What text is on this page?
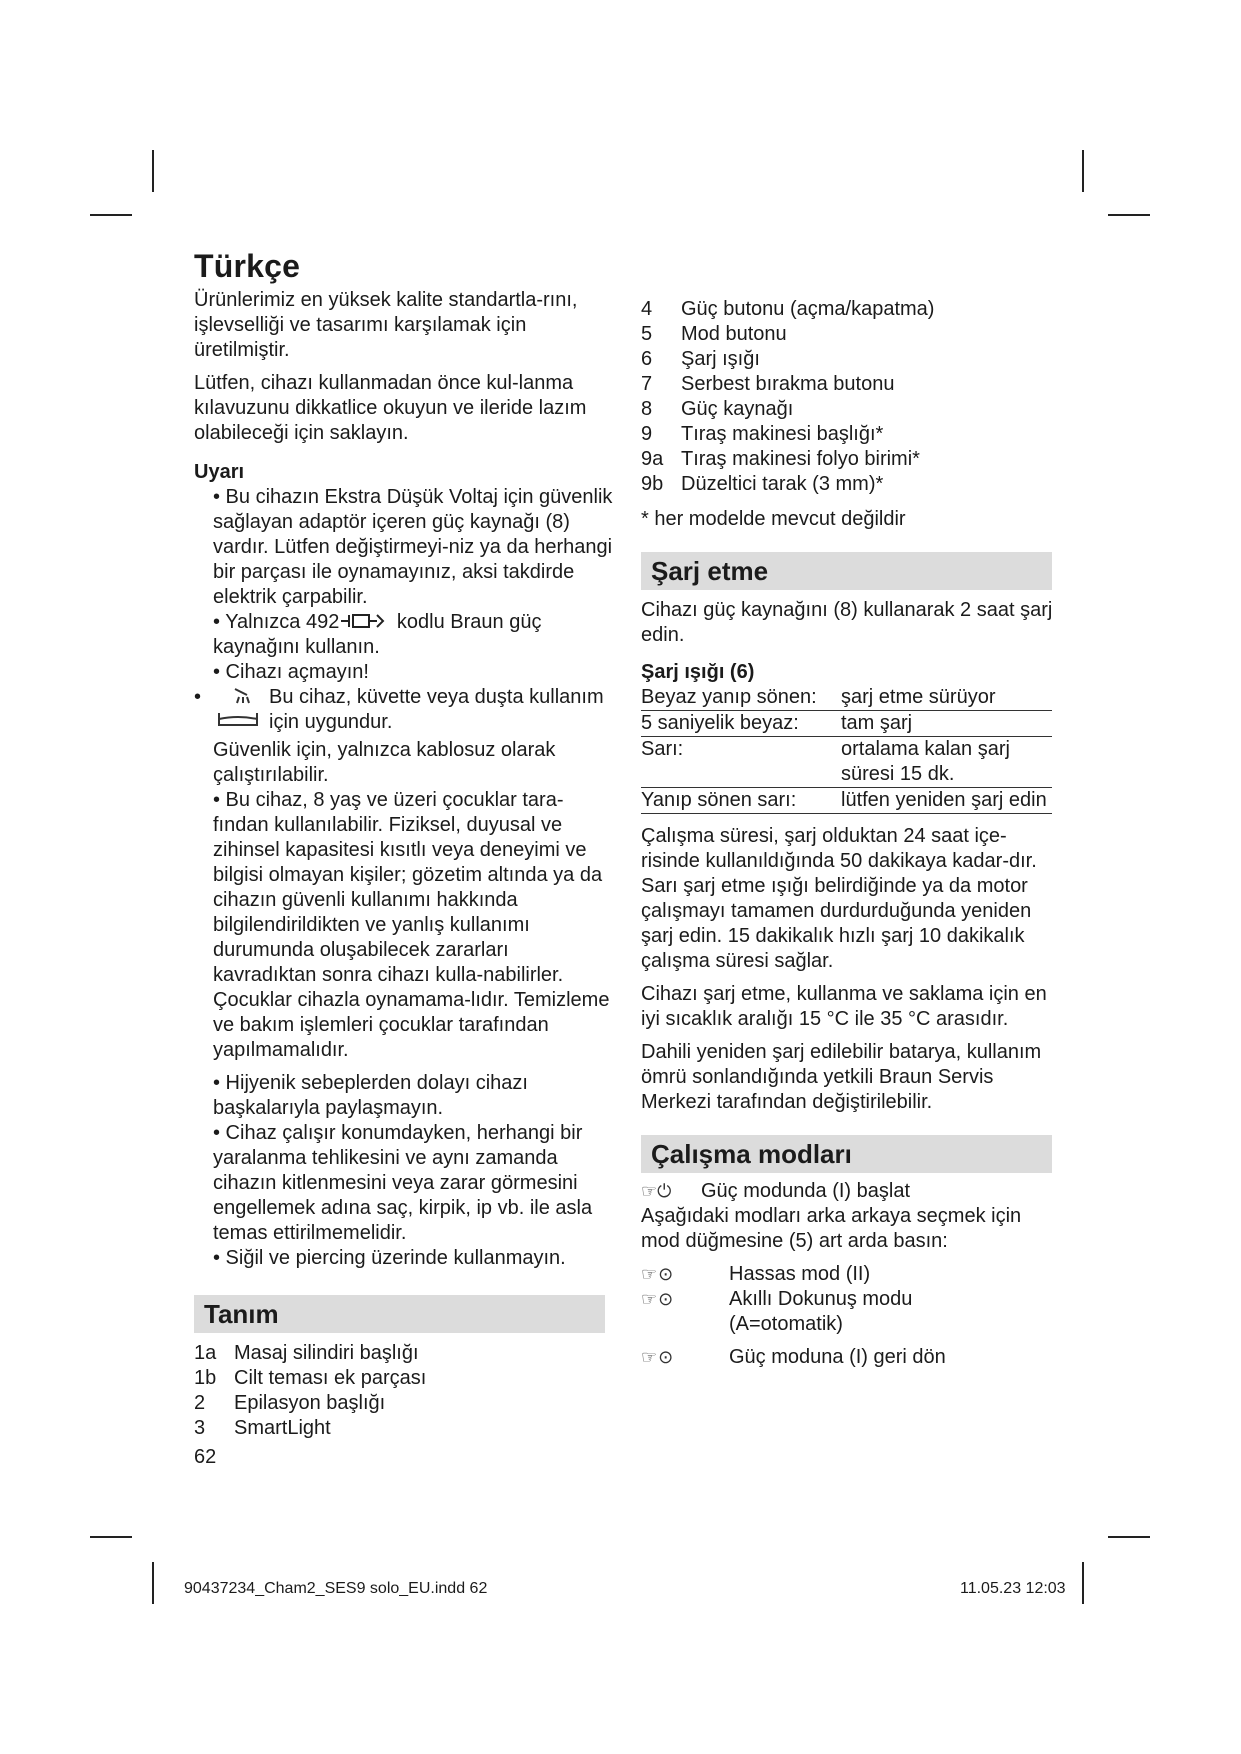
Türkçe

Ürünlerimiz en yüksek kalite standartla-rını, işlevselliği ve tasarımı karşılamak için üretilmiştir.

Lütfen, cihazı kullanmadan önce kul-lanma kılavuzunu dikkatlice okuyun ve ileride lazım olabileceği için saklayın.

Uyarı

• Bu cihazın Ekstra Düşük Voltaj için güvenlik sağlayan adaptör içeren güç kaynağı (8) vardır. Lütfen değiştirmeyi-niz ya da herhangi bir parçası ile oynamayınız, aksi takdirde elektrik çarpabilir.

• Yalnızca 492	kodlu Braun güç kaynağını kullanın.

• Cihazı açmayın!

•	Bu cihaz, küvette veya duşta kullanım için uygundur.

Güvenlik için, yalnızca kablosuz olarak çalıştırılabilir.

• Bu cihaz, 8 yaş ve üzeri çocuklar tara-fından kullanılabilir. Fiziksel, duyusal ve zihinsel kapasitesi kısıtlı veya deneyimi ve bilgisi olmayan kişiler; gözetim altında ya da cihazın güvenli kullanımı hakkında bilgilendirildikten ve yanlış kullanımı durumunda oluşabilecek zararları kavradıktan sonra cihazı kulla-nabilirler. Çocuklar cihazla oynamama-lıdır. Temizleme ve bakım işlemleri çocuklar tarafından yapılmamalıdır.

• Hijyenik sebeplerden dolayı cihazı başkalarıyla paylaşmayın.

• Cihaz çalışır konumdayken, herhangi bir yaralanma tehlikesini ve aynı zamanda cihazın kitlenmesini veya zarar görmesini engellemek adına saç, kirpik, ip vb. ile asla temas ettirilmemelidir.

• Siğil ve piercing üzerinde kullanmayın.

Tanım
1a Masaj silindiri başlığı
1b Cilt teması ek parçası
2	Epilasyon başlığı
3	SmartLight
62
4	Güç butonu (açma/kapatma)
5	Mod butonu
6	Şarj ışığı
7	Serbest bırakma butonu
8	Güç kaynağı
9	Tıraş makinesi başlığı*
9a Tıraş makinesi folyo birimi*
9b Düzeltici tarak (3 mm)*

* her modelde mevcut değildir

Şarj etme

Cihazı güç kaynağını (8) kullanarak 2 saat şarj edin.

Şarj ışığı (6)
Beyaz yanıp sönen:	şarj etme sürüyor
5 saniyelik beyaz:	tam şarj
Sarı:	ortalama kalan şarj süresi 15 dk.
Yanıp sönen sarı:	lütfen yeniden şarj edin

Çalışma süresi, şarj olduktan 24 saat içe-risinde kullanıldığında 50 dakikaya kadar-dır. Sarı şarj etme ışığı belirdiğinde ya da motor çalışmayı tamamen durdurduğunda yeniden şarj edin. 15 dakikalık hızlı şarj 10 dakikalık çalışma süresi sağlar.

Cihazı şarj etme, kullanma ve saklama için en iyi sıcaklık aralığı 15 °C ile 35 °C arasıdır.

Dahili yeniden şarj edilebilir batarya, kullanım ömrü sonlandığında yetkili Braun Servis Merkezi tarafından değiştirilebilir.

Çalışma modları
☞⏻	Güç modunda (I) başlat

Aşağıdaki modları arka arkaya seçmek için mod düğmesine (5) art arda basın:

☞⊙	Hassas mod (II)
☞⊙	Akıllı Dokunuş modu (A=otomatik)
☞⊙	Güç moduna (I) geri dön
90437234_Cham2_SES9 solo_EU.indd 62	11.05.23 12:03
